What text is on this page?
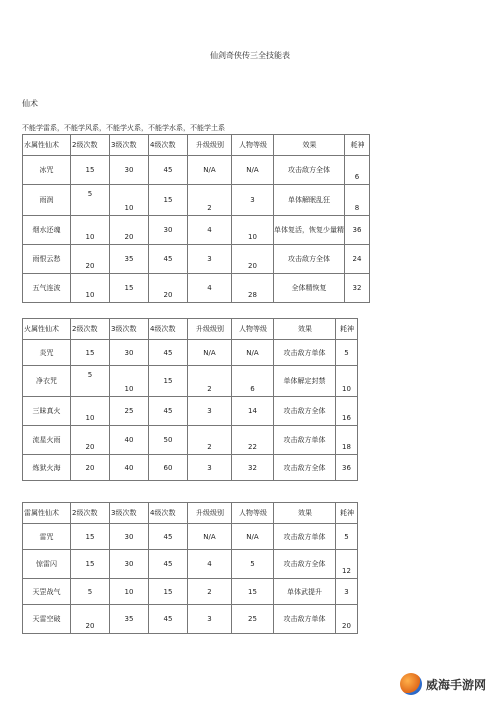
仙剑奇侠传三全技能表
仙术
不能学雷系，不能学风系，不能学火系，不能学水系，不能学土系
水属性仙术	2级次数	3级次数	4级次数	升级级别	人物等级	效果	耗神
冰咒	15	30	45	N/A	N/A	攻击敌方全体	6
雨润	5	10	15	2	3	单体解眠乱狂	8
烟水还魂	10	20	30	4	10	单体复活，恢复少量精	36
雨恨云愁	20	35	45	3	20	攻击敌方全体	24
五气连波	10	15	20	4	28	全体精恢复	32
火属性仙术	2级次数	3级次数	4级次数	升级级别	人物等级	效果	耗神
炎咒	15	30	45	N/A	N/A	攻击敌方单体	5
净衣咒	5	10	15	2	6	单体解定封禁	10
三昧真火	10	25	45	3	14	攻击敌方全体	16
流星火雨	20	40	50	2	22	攻击敌方单体	18
炼狱火海	20	40	60	3	32	攻击敌方全体	36
雷属性仙术	2级次数	3级次数	4级次数	升级级别	人物等级	效果	耗神
雷咒	15	30	45	N/A	N/A	攻击敌方单体	5
惊雷闪	15	30	45	4	5	攻击敌方全体	12
天罡战气	5	10	15	2	15	单体武提升	3
天雷空破	20	35	45	3	25	攻击敌方单体	20
威海手游网
